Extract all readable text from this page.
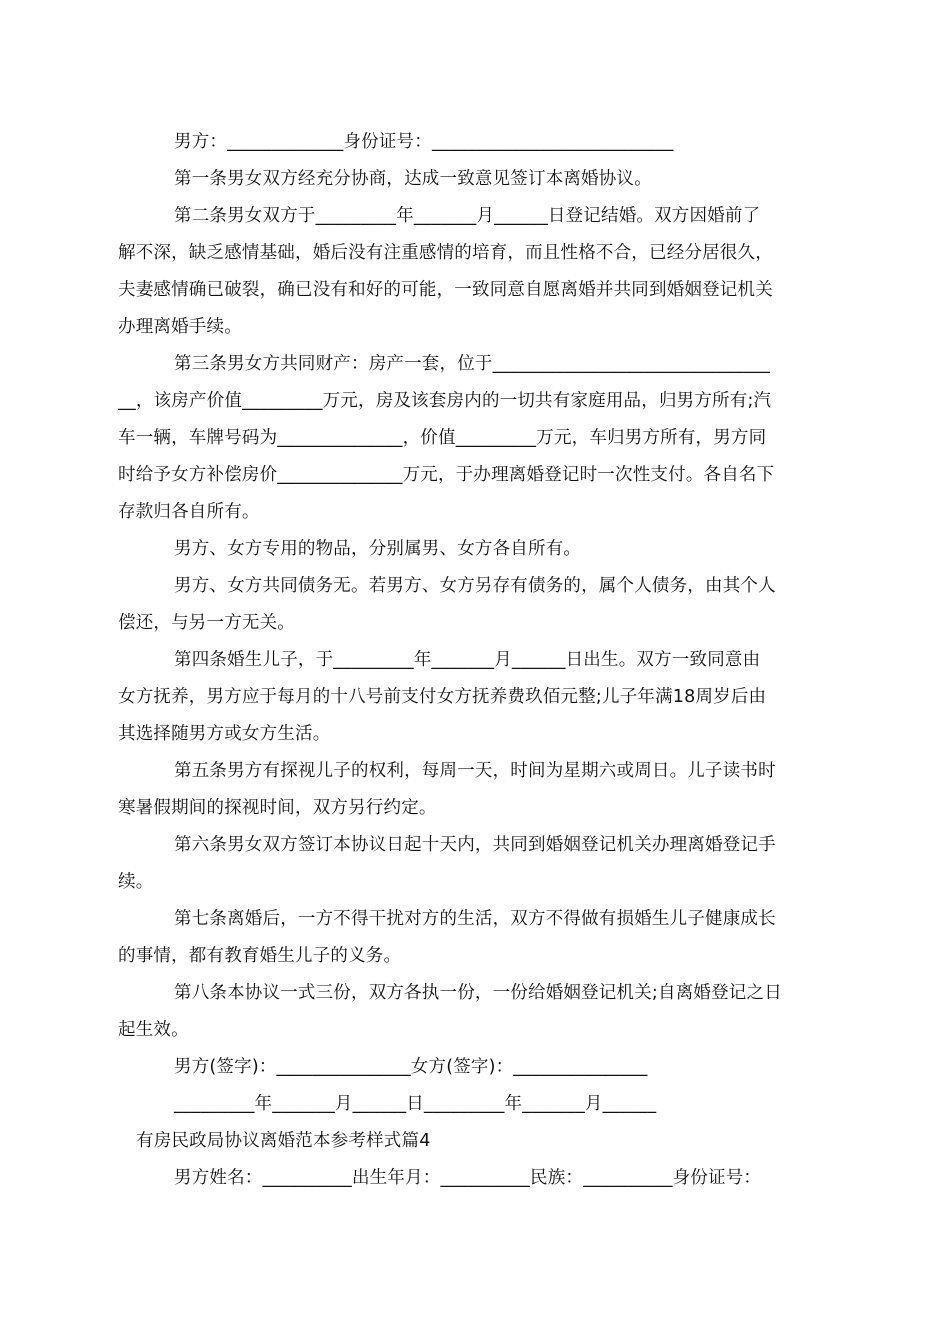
男方：_____________身份证号：___________________________
第一条男女双方经充分协商，达成一致意见签订本离婚协议。
第二条男女双方于_________年_______月______日登记结婚。双方因婚前了
解不深，缺乏感情基础，婚后没有注重感情的培育，而且性格不合，已经分居很久，
夫妻感情确已破裂，确已没有和好的可能，一致同意自愿离婚并共同到婚姻登记机关
办理离婚手续。
第三条男女方共同财产：房产一套，位于_______________________________
__，该房产价值_________万元，房及该套房内的一切共有家庭用品，归男方所有;汽
车一辆，车牌号码为______________，价值_________万元，车归男方所有，男方同
时给予女方补偿房价______________万元，于办理离婚登记时一次性支付。各自名下
存款归各自所有。
男方、女方专用的物品，分别属男、女方各自所有。
男方、女方共同债务无。若男方、女方另存有债务的，属个人债务，由其个人
偿还，与另一方无关。
第四条婚生儿子，于_________年_______月______日出生。双方一致同意由
女方抚养，男方应于每月的十八号前支付女方抚养费玖佰元整;儿子年满18周岁后由
其选择随男方或女方生活。
第五条男方有探视儿子的权利，每周一天，时间为星期六或周日。儿子读书时
寒暑假期间的探视时间，双方另行约定。
第六条男女双方签订本协议日起十天内，共同到婚姻登记机关办理离婚登记手
续。
第七条离婚后，一方不得干扰对方的生活，双方不得做有损婚生儿子健康成长
的事情，都有教育婚生儿子的义务。
第八条本协议一式三份，双方各执一份，一份给婚姻登记机关;自离婚登记之日
起生效。
男方(签字)：_______________女方(签字)：_______________
_________年_______月______日_________年_______月______
有房民政局协议离婚范本参考样式篇4
男方姓名：__________出生年月：__________民族：__________身份证号：
